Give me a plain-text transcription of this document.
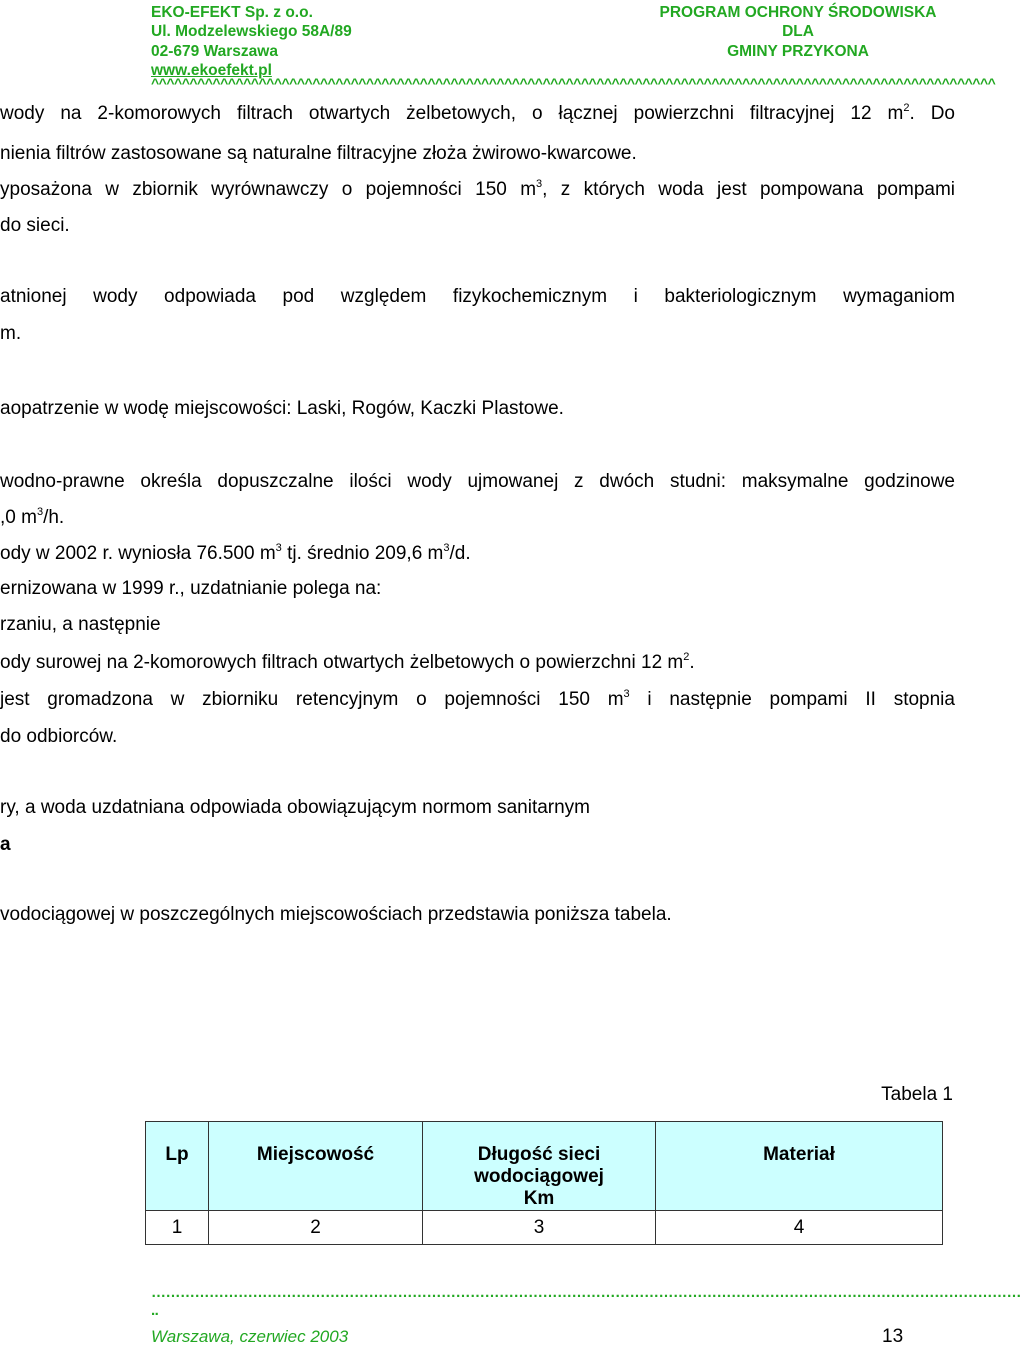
EKO-EFEKT Sp. z o.o.
Ul. Modzelewskiego 58A/89
02-679 Warszawa
www.ekoefekt.pl
PROGRAM OCHRONY ŚRODOWISKA
DLA
GMINY PRZYKONA
^^^^^^^^^^^^^^^^^^^^^^^^^^^^^^^^^^^^^^^^^^^^^^^^^^^^^^^^^^^^^^^^^^^^^^^^^^^^^^^^^^^^^^^^^^^^^^^^^^^^^^^^^^^^^^
wody na 2-komorowych filtrach otwartych żelbetowych, o łącznej powierzchni filtracyjnej 12 $m^2$. Do
nienia filtrów zastosowane są naturalne filtracyjne złoża żwirowo-kwarcowe.
yposażona w zbiornik wyrównawczy o pojemności 150 $m^3$, z których woda jest pompowana pompami
do sieci.
atnionej wody odpowiada pod względem fizykochemicznym i bakteriologicznym wymaganiom
m.
aopatrzenie w wodę miejscowości: Laski, Rogów, Kaczki Plastowe.
wodno-prawne określa dopuszczalne ilości wody ujmowanej z dwóch studni: maksymalne godzinowe
,0 $m^3/h$.
ody w 2002 r. wyniosła 76.500 $m^3$ tj. średnio 209,6 $m^3/d$.
ernizowana w 1999 r., uzdatnianie polega na:
rzaniu, a następnie
ody surowej na 2-komorowych filtrach otwartych żelbetowych o powierzchni 12 $m^2$.
jest gromadzona w zbiorniku retencyjnym o pojemności 150 $m^3$ i następnie pompami II stopnia
do odbiorców.
ry, a woda uzdatniana odpowiada obowiązującym normom sanitarnym
a
vodociągowej w poszczególnych miejscowościach przedstawia poniższa tabela.
Tabela 1
Lp	Miejscowość	Długość sieci
wodociągowej
Km	Materiał
1	2	3	4
………………………………………………………………………………………………………………………………………………………………
..
Warszawa, czerwiec 2003	13
